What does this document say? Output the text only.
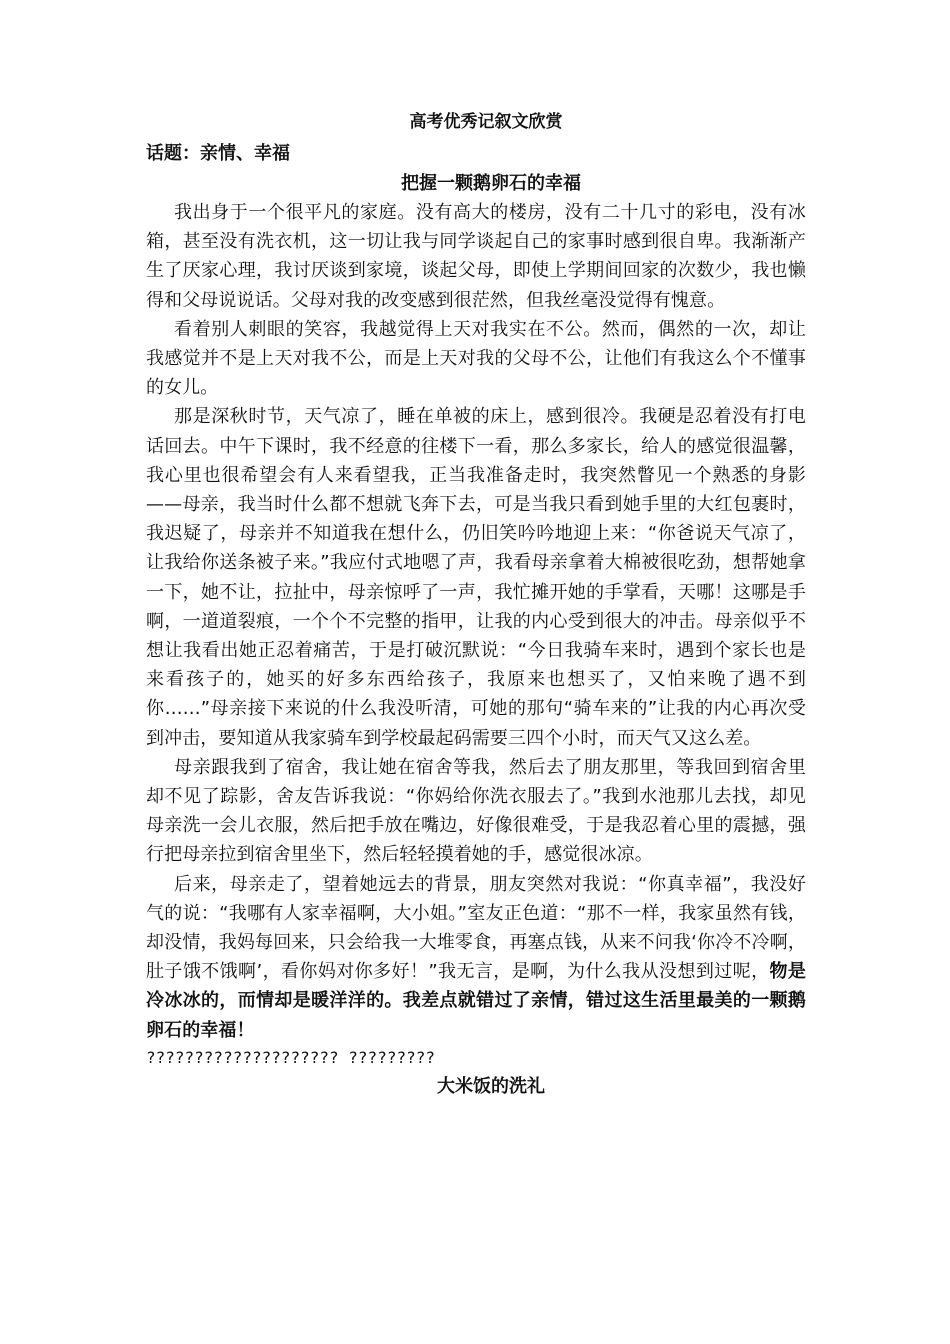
高考优秀记叙文欣赏
话题：亲情、幸福
把握一颗鹅卵石的幸福

我出身于一个很平凡的家庭。没有高大的楼房，没有二十几寸的彩电，没有冰箱，甚至没有洗衣机，这一切让我与同学谈起自己的家事时感到很自卑。我渐渐产生了厌家心理，我讨厌谈到家境，谈起父母，即使上学期间回家的次数少，我也懒得和父母说说话。父母对我的改变感到很茫然，但我丝毫没觉得有愧意。

看着别人刺眼的笑容，我越觉得上天对我实在不公。然而，偶然的一次，却让我感觉并不是上天对我不公，而是上天对我的父母不公，让他们有我这么个不懂事的女儿。

那是深秋时节，天气凉了，睡在单被的床上，感到很冷。我硬是忍着没有打电话回去。中午下课时，我不经意的往楼下一看，那么多家长，给人的感觉很温馨，我心里也很希望会有人来看望我，正当我准备走时，我突然瞥见一个熟悉的身影——母亲，我当时什么都不想就飞奔下去，可是当我只看到她手里的大红包裹时，我迟疑了，母亲并不知道我在想什么，仍旧笑吟吟地迎上来：“你爸说天气凉了，让我给你送条被子来。”我应付式地嗯了声，我看母亲拿着大棉被很吃劲，想帮她拿一下，她不让，拉扯中，母亲惊呼了一声，我忙摊开她的手掌看，天哪！这哪是手啊，一道道裂痕，一个个不完整的指甲，让我的内心受到很大的冲击。母亲似乎不想让我看出她正忍着痛苦，于是打破沉默说：“今日我骑车来时，遇到个家长也是来看孩子的，她买的好多东西给孩子，我原来也想买了，又怕来晚了遇不到你……”母亲接下来说的什么我没听清，可她的那句“骑车来的”让我的内心再次受到冲击，要知道从我家骑车到学校最起码需要三四个小时，而天气又这么差。

母亲跟我到了宿舍，我让她在宿舍等我，然后去了朋友那里，等我回到宿舍里却不见了踪影，舍友告诉我说：“你妈给你洗衣服去了。”我到水池那儿去找，却见母亲洗一会儿衣服，然后把手放在嘴边，好像很难受，于是我忍着心里的震撼，强行把母亲拉到宿舍里坐下，然后轻轻摸着她的手，感觉很冰凉。

后来，母亲走了，望着她远去的背景，朋友突然对我说：“你真幸福”，我没好气的说：“我哪有人家幸福啊，大小姐。”室友正色道：“那不一样，我家虽然有钱，却没情，我妈每回来，只会给我一大堆零食，再塞点钱，从来不问我‘你冷不冷啊，肚子饿不饿啊’，看你妈对你多好！”我无言，是啊，为什么我从没想到过呢，物是冷冰冰的，而情却是暖洋洋的。我差点就错过了亲情，错过这生活里最美的一颗鹅卵石的幸福！

???????????????????? ?????????
大米饭的洗礼
